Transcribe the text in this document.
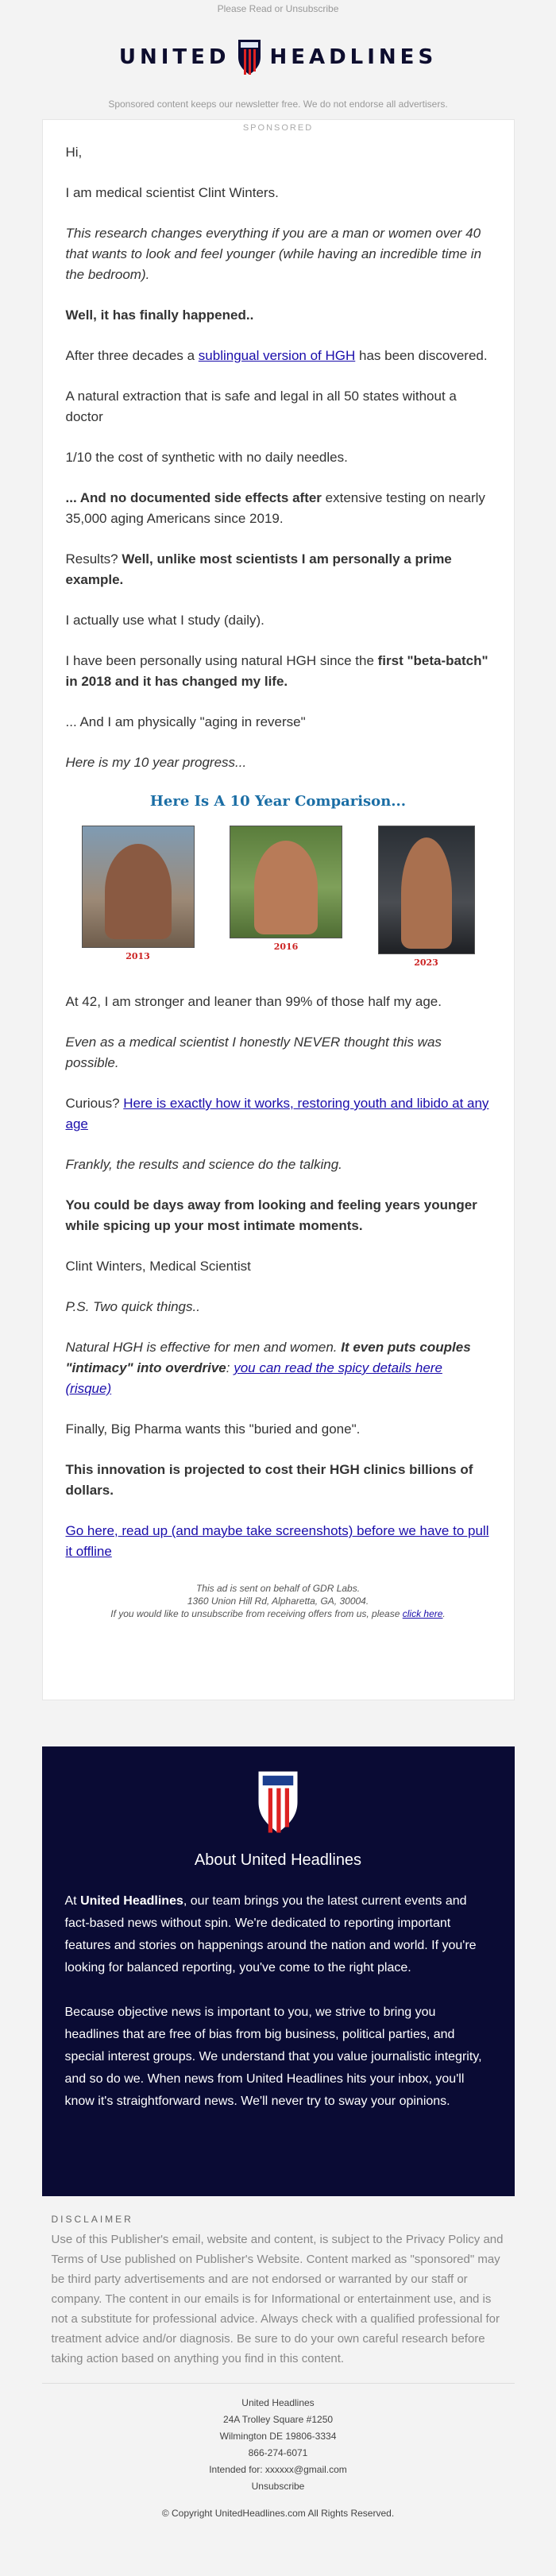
Please Read or Unsubscribe
UNITED HEADLINES
Sponsored content keeps our newsletter free. We do not endorse all advertisers.
SPONSORED

Hi,

I am medical scientist Clint Winters.

This research changes everything if you are a man or women over 40 that wants to look and feel younger (while having an incredible time in the bedroom).

Well, it has finally happened..

After three decades a sublingual version of HGH has been discovered.

A natural extraction that is safe and legal in all 50 states without a doctor

1/10 the cost of synthetic with no daily needles.

... And no documented side effects after extensive testing on nearly 35,000 aging Americans since 2019.

Results? Well, unlike most scientists I am personally a prime example.

I actually use what I study (daily).

I have been personally using natural HGH since the first "beta-batch" in 2018 and it has changed my life.

... And I am physically "aging in reverse"

Here is my 10 year progress...

Here Is A 10 Year Comparison...
2013
2016
2023

At 42, I am stronger and leaner than 99% of those half my age.

Even as a medical scientist I honestly NEVER thought this was possible.

Curious? Here is exactly how it works, restoring youth and libido at any age

Frankly, the results and science do the talking.

You could be days away from looking and feeling years younger while spicing up your most intimate moments.

Clint Winters, Medical Scientist

P.S. Two quick things..

Natural HGH is effective for men and women. It even puts couples "intimacy" into overdrive: you can read the spicy details here (risque)

Finally, Big Pharma wants this "buried and gone".

This innovation is projected to cost their HGH clinics billions of dollars.

Go here, read up (and maybe take screenshots) before we have to pull it offline

This ad is sent on behalf of GDR Labs.
1360 Union Hill Rd, Alpharetta, GA, 30004.
If you would like to unsubscribe from receiving offers from us, please click here.
About United Headlines

At United Headlines, our team brings you the latest current events and fact-based news without spin. We're dedicated to reporting important features and stories on happenings around the nation and world. If you're looking for balanced reporting, you've come to the right place.

Because objective news is important to you, we strive to bring you headlines that are free of bias from big business, political parties, and special interest groups. We understand that you value journalistic integrity, and so do we. When news from United Headlines hits your inbox, you'll know it's straightforward news. We'll never try to sway your opinions.

DISCLAIMER
Use of this Publisher's email, website and content, is subject to the Privacy Policy and Terms of Use published on Publisher's Website. Content marked as "sponsored" may be third party advertisements and are not endorsed or warranted by our staff or company. The content in our emails is for Informational or entertainment use, and is not a substitute for professional advice. Always check with a qualified professional for treatment advice and/or diagnosis. Be sure to do your own careful research before taking action based on anything you find in this content.
United Headlines
24A Trolley Square #1250
Wilmington DE 19806-3334
866-274-6071
Intended for: xxxxxx@gmail.com
Unsubscribe
© Copyright UnitedHeadlines.com All Rights Reserved.
